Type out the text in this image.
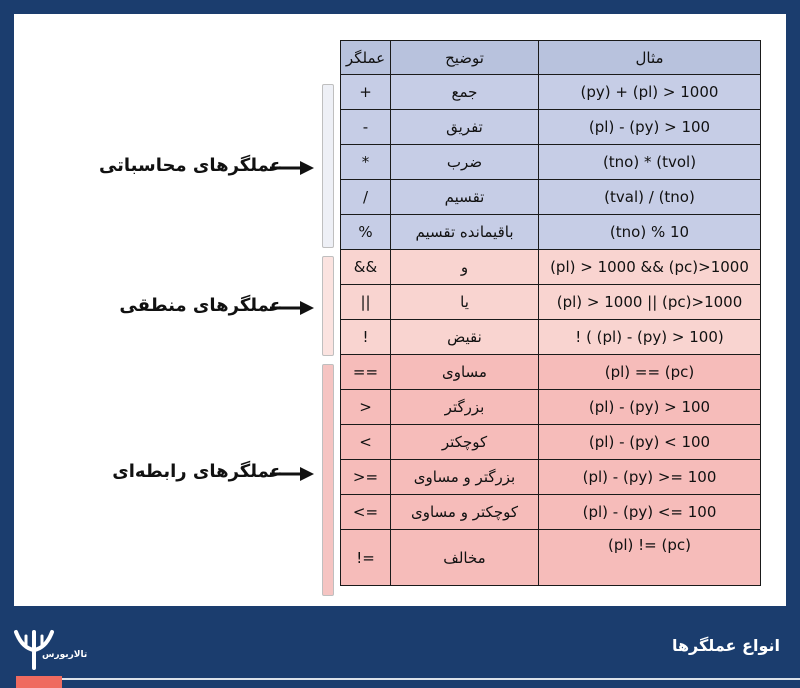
عملگر	توضیح	مثال
+	جمع	(py) + (pl) > 1000
-	تفریق	(pl) - (py) > 100
*	ضرب	(tno) * (tvol)
/	تقسیم	(tval) / (tno)
%	باقیمانده تقسیم	(tno) % 10
&&	و	(pl) > 1000 && (pc)>1000
||	یا	(pl) > 1000 || (pc)>1000
!	نقیض	! ( (pl) - (py) > 100)
==	مساوی	(pl) == (pc)
>	بزرگتر	(pl) - (py) > 100
<	کوچکتر	(pl) - (py) < 100
>=	بزرگتر و مساوی	(pl) - (py) >= 100
<=	کوچکتر و مساوی	(pl) - (py) <= 100
!=	مخالف	(pl) != (pc)
عملگرهای محاسباتی
عملگرهای منطقی
عملگرهای رابطه‌ای
تالاربورس	انواع عملگرها
